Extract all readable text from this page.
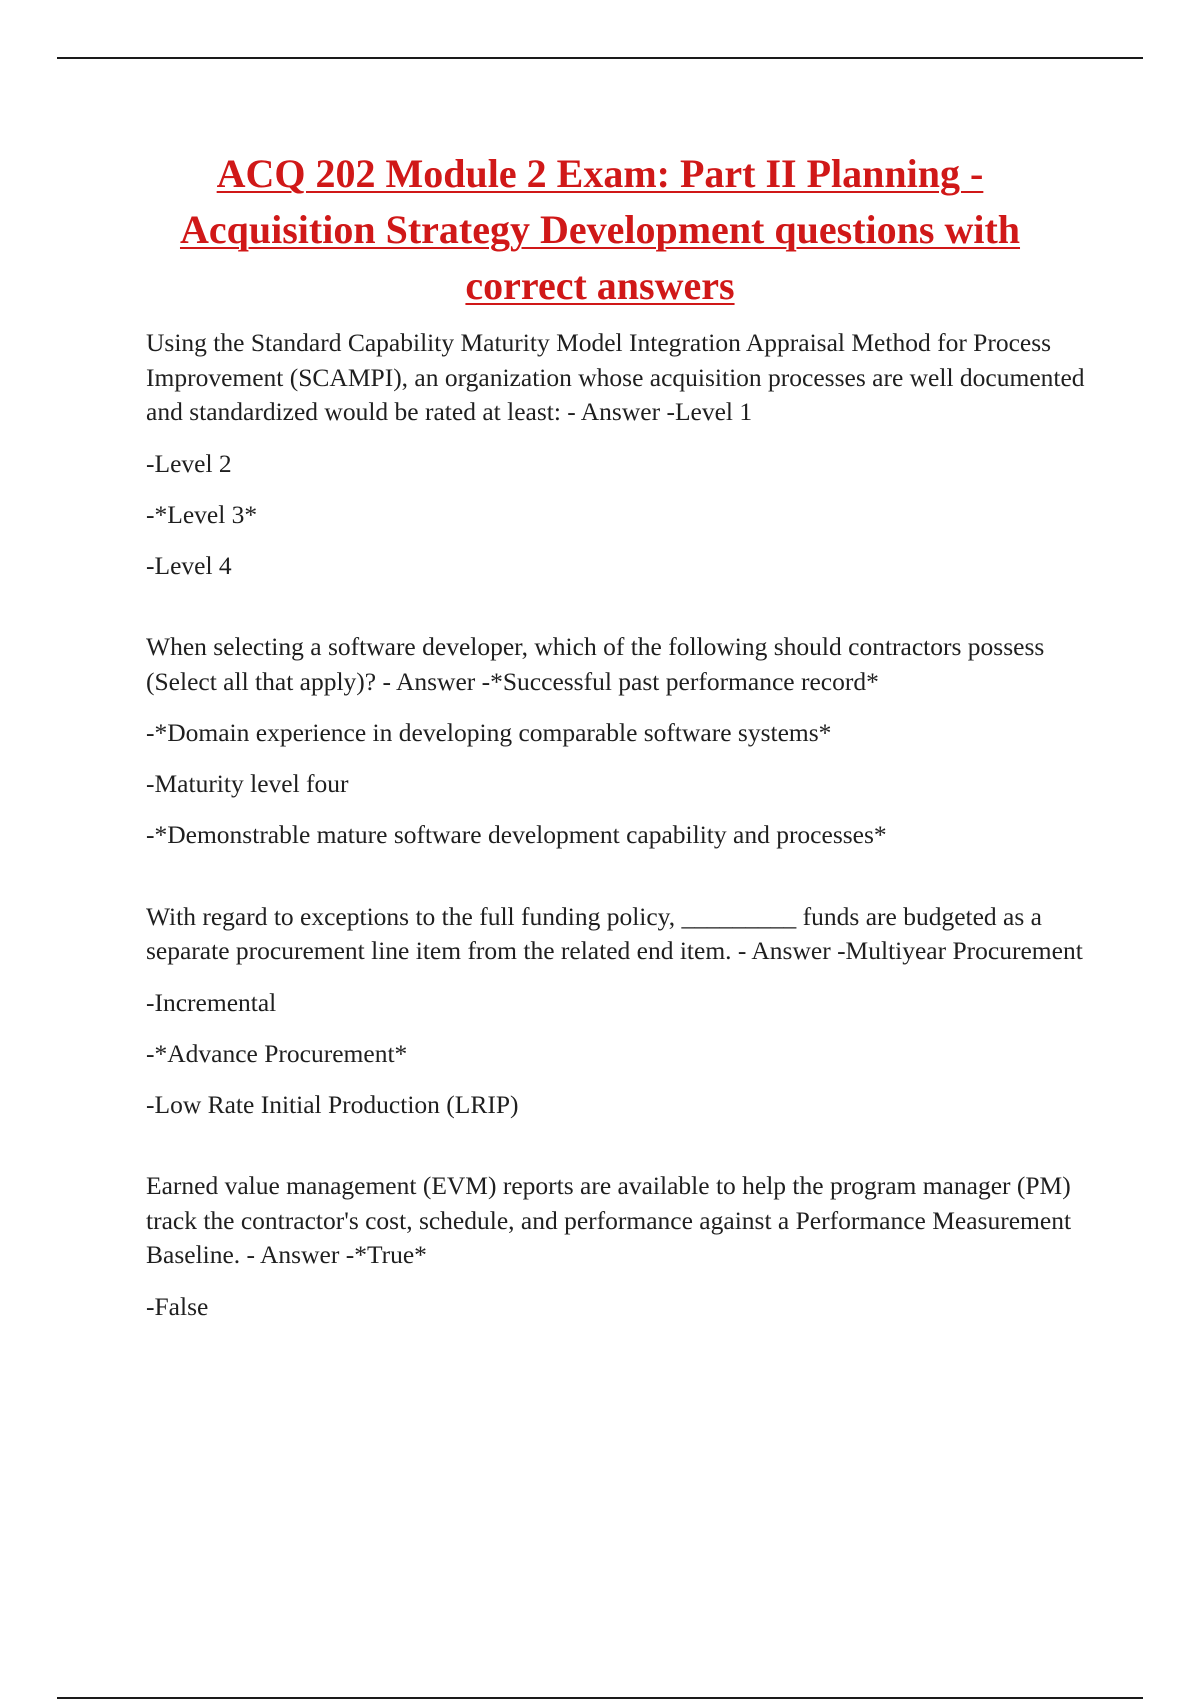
ACQ 202 Module 2 Exam: Part II Planning - Acquisition Strategy Development questions with correct answers

Using the Standard Capability Maturity Model Integration Appraisal Method for Process Improvement (SCAMPI), an organization whose acquisition processes are well documented and standardized would be rated at least: - Answer -Level 1

-Level 2

-*Level 3*

-Level 4

When selecting a software developer, which of the following should contractors possess (Select all that apply)? - Answer -*Successful past performance record*

-*Domain experience in developing comparable software systems*

-Maturity level four

-*Demonstrable mature software development capability and processes*

With regard to exceptions to the full funding policy, _________ funds are budgeted as a separate procurement line item from the related end item. - Answer -Multiyear Procurement

-Incremental

-*Advance Procurement*

-Low Rate Initial Production (LRIP)

Earned value management (EVM) reports are available to help the program manager (PM) track the contractor's cost, schedule, and performance against a Performance Measurement Baseline. - Answer -*True*

-False
